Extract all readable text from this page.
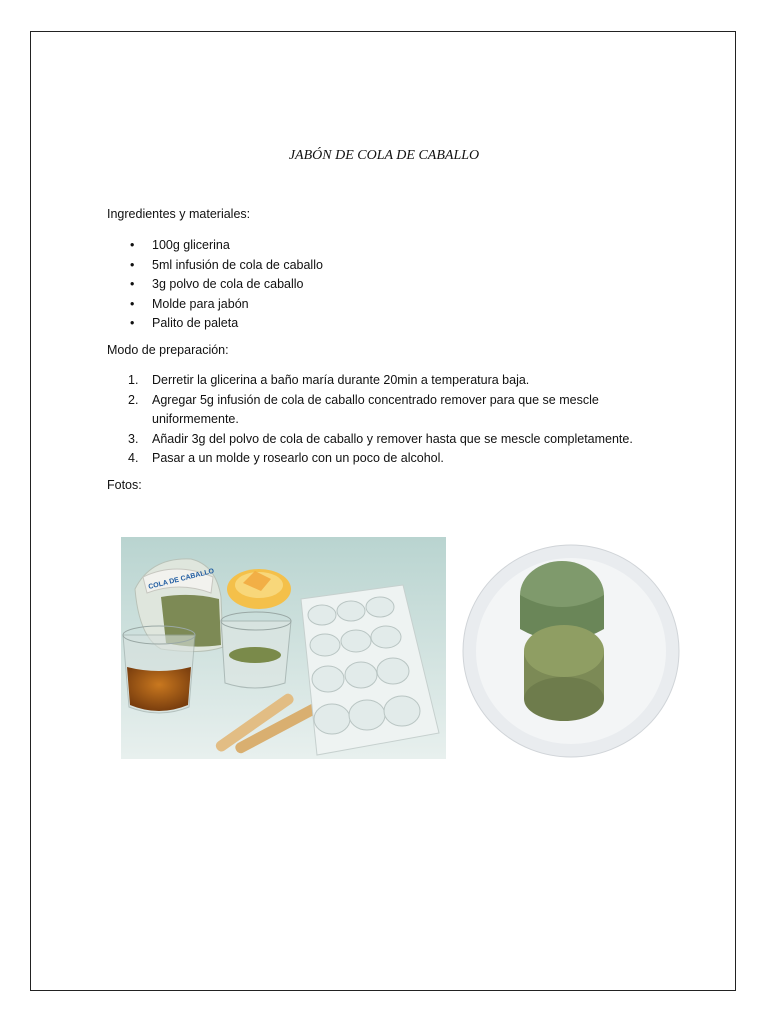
JABÓN DE COLA DE CABALLO
Ingredientes y materiales:
• 100g glicerina
• 5ml infusión de cola de caballo
• 3g polvo de cola de caballo
• Molde para jabón
• Palito de paleta
Modo de preparación:
1. Derretir la glicerina a baño maría durante 20min a temperatura baja.
2. Agregar 5g infusión de cola de caballo concentrado remover para que se mescle uniformemente.
3. Añadir 3g del polvo de cola de caballo y remover hasta que se mescle completamente.
4. Pasar a un molde y rosearlo con un poco de alcohol.
Fotos:
COLA DE CABALLO
